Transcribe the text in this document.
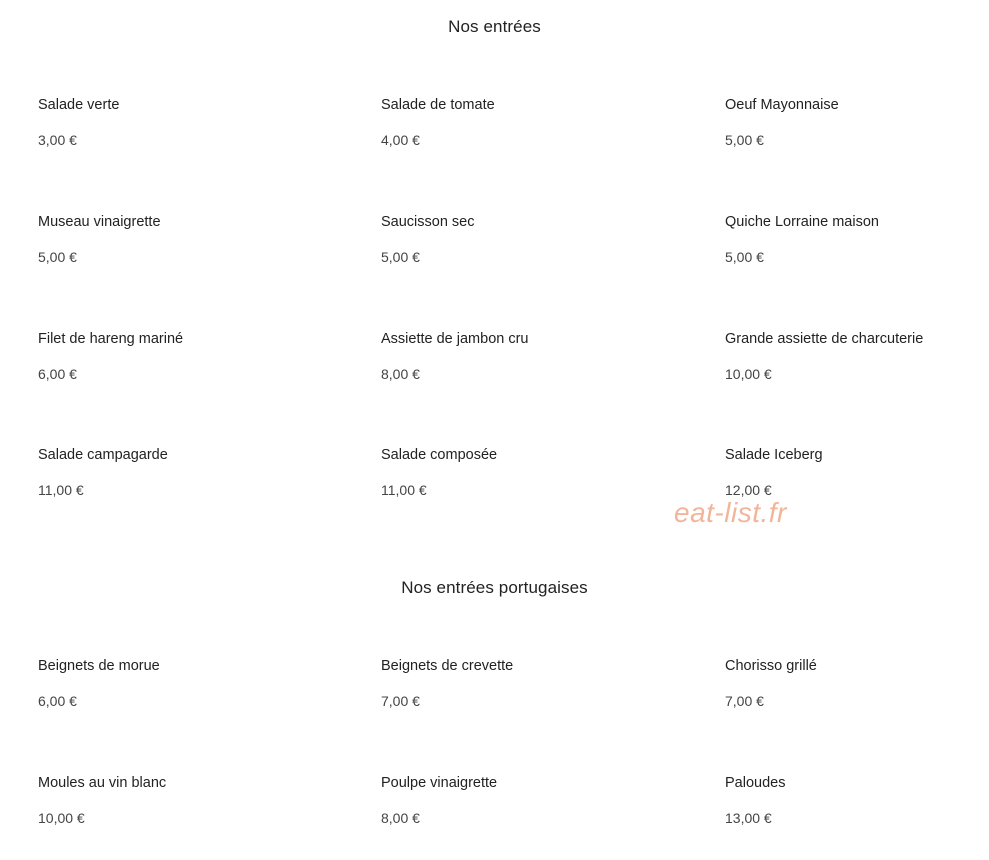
Nos entrées
Salade verte
3,00 €
Salade de tomate
4,00 €
Oeuf Mayonnaise
5,00 €
Museau vinaigrette
5,00 €
Saucisson sec
5,00 €
Quiche Lorraine maison
5,00 €
Filet de hareng mariné
6,00 €
Assiette de jambon cru
8,00 €
Grande assiette de charcuterie
10,00 €
Salade campagarde
11,00 €
Salade composée
11,00 €
Salade Iceberg
12,00 €
eat-list.fr
Nos entrées portugaises
Beignets de morue
6,00 €
Beignets de crevette
7,00 €
Chorisso grillé
7,00 €
Moules au vin blanc
10,00 €
Poulpe vinaigrette
8,00 €
Paloudes
13,00 €
